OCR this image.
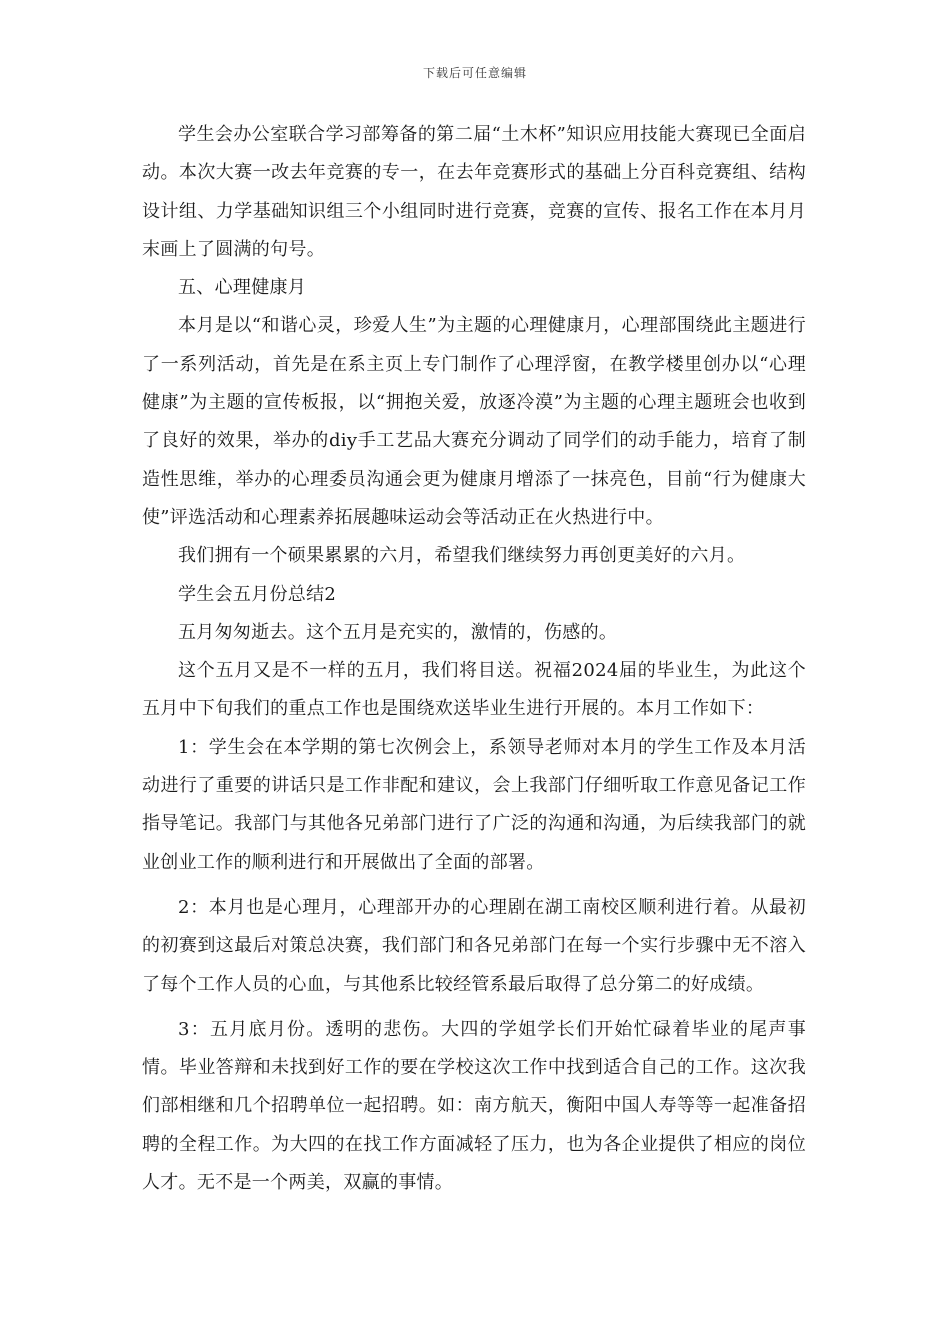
下载后可任意编辑

学生会办公室联合学习部筹备的第二届“土木杯”知识应用技能大赛现已全面启动。本次大赛一改去年竞赛的专一，在去年竞赛形式的基础上分百科竞赛组、结构设计组、力学基础知识组三个小组同时进行竞赛，竞赛的宣传、报名工作在本月月末画上了圆满的句号。

五、心理健康月

本月是以“和谐心灵，珍爱人生”为主题的心理健康月，心理部围绕此主题进行了一系列活动，首先是在系主页上专门制作了心理浮窗，在教学楼里创办以“心理健康”为主题的宣传板报，以“拥抱关爱，放逐冷漠”为主题的心理主题班会也收到了良好的效果，举办的diy手工艺品大赛充分调动了同学们的动手能力，培育了制造性思维，举办的心理委员沟通会更为健康月增添了一抹亮色，目前“行为健康大使”评选活动和心理素养拓展趣味运动会等活动正在火热进行中。

我们拥有一个硕果累累的六月，希望我们继续努力再创更美好的六月。

学生会五月份总结2

五月匆匆逝去。这个五月是充实的，激情的，伤感的。

这个五月又是不一样的五月，我们将目送。祝福2024届的毕业生，为此这个五月中下旬我们的重点工作也是围绕欢送毕业生进行开展的。本月工作如下：

1：学生会在本学期的第七次例会上，系领导老师对本月的学生工作及本月活动进行了重要的讲话只是工作非配和建议，会上我部门仔细听取工作意见备记工作指导笔记。我部门与其他各兄弟部门进行了广泛的沟通和沟通，为后续我部门的就业创业工作的顺利进行和开展做出了全面的部署。

2：本月也是心理月，心理部开办的心理剧在湖工南校区顺利进行着。从最初的初赛到这最后对策总决赛，我们部门和各兄弟部门在每一个实行步骤中无不溶入了每个工作人员的心血，与其他系比较经管系最后取得了总分第二的好成绩。

3：五月底月份。透明的悲伤。大四的学姐学长们开始忙碌着毕业的尾声事情。毕业答辩和未找到好工作的要在学校这次工作中找到适合自己的工作。这次我们部相继和几个招聘单位一起招聘。如：南方航天，衡阳中国人寿等等一起准备招聘的全程工作。为大四的在找工作方面减轻了压力，也为各企业提供了相应的岗位人才。无不是一个两美，双赢的事情。
